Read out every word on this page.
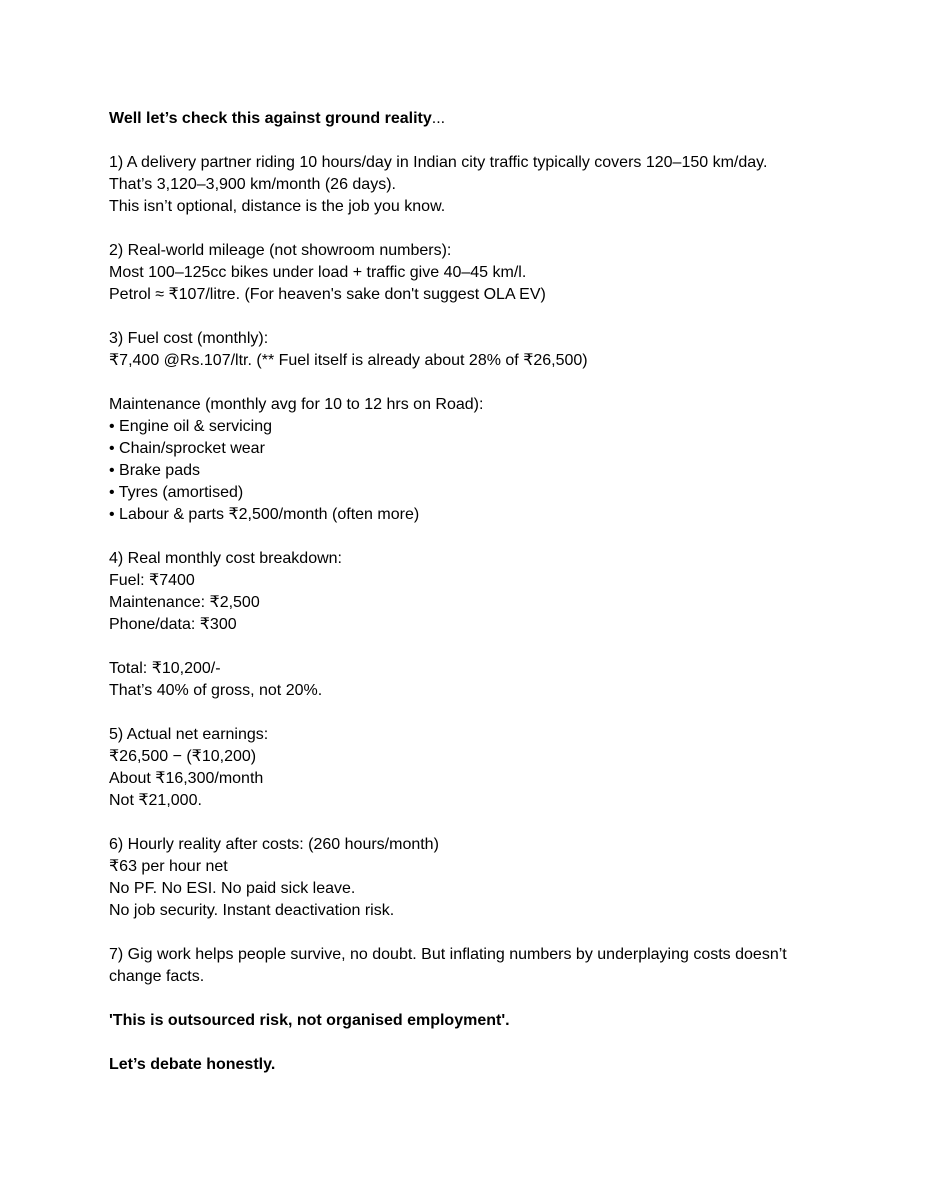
Well let’s check this against ground reality...
1) A delivery partner riding 10 hours/day in Indian city traffic typically covers 120–150 km/day.
That’s 3,120–3,900 km/month (26 days).
This isn’t optional, distance is the job you know.
2) Real-world mileage (not showroom numbers):
Most 100–125cc bikes under load + traffic give 40–45 km/l.
Petrol ≈ ₹107/litre. (For heaven's sake don't suggest OLA EV)
3) Fuel cost (monthly):
₹7,400 @Rs.107/ltr. (** Fuel itself is already about 28% of ₹26,500)
Maintenance (monthly avg for 10 to 12 hrs on Road):
• Engine oil & servicing
• Chain/sprocket wear
• Brake pads
• Tyres (amortised)
• Labour & parts ₹2,500/month (often more)
4) Real monthly cost breakdown:
Fuel: ₹7400
Maintenance: ₹2,500
Phone/data: ₹300
Total: ₹10,200/-
That’s 40% of gross, not 20%.
5) Actual net earnings:
₹26,500 − (₹10,200)
About ₹16,300/month
Not ₹21,000.
6) Hourly reality after costs: (260 hours/month)
₹63 per hour net
No PF. No ESI. No paid sick leave.
No job security. Instant deactivation risk.
7) Gig work helps people survive, no doubt. But inflating numbers by underplaying costs doesn’t
change facts.
'This is outsourced risk, not organised employment'.
Let’s debate honestly.
